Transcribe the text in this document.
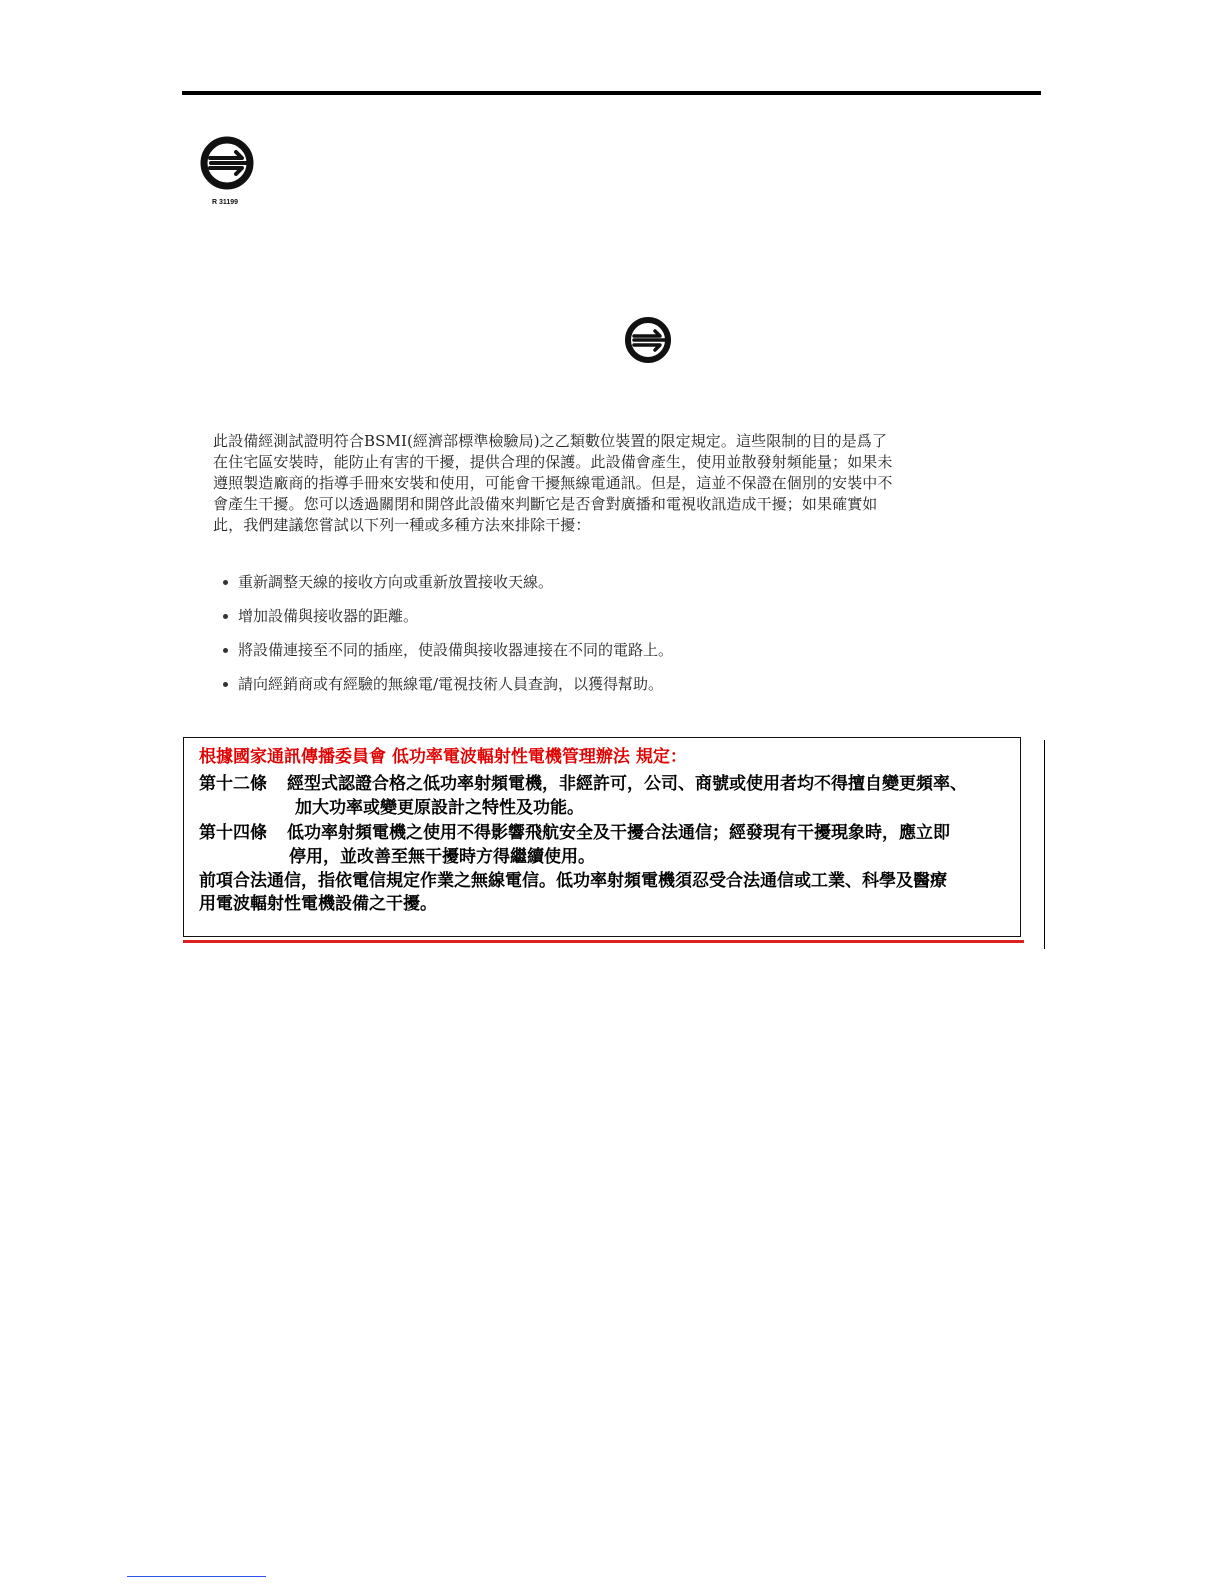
R 31199
此設備經測試證明符合BSMI(經濟部標準檢驗局)之乙類數位裝置的限定規定。這些限制的目的是爲了在住宅區安裝時，能防止有害的干擾，提供合理的保護。此設備會產生，使用並散發射頻能量；如果未遵照製造廠商的指導手冊來安裝和使用，可能會干擾無線電通訊。但是，這並不保證在個別的安裝中不會產生干擾。您可以透過關閉和開啓此設備來判斷它是否會對廣播和電視收訊造成干擾；如果確實如此，我們建議您嘗試以下列一種或多種方法來排除干擾：
重新調整天線的接收方向或重新放置接收天線。
增加設備與接收器的距離。
將設備連接至不同的插座，使設備與接收器連接在不同的電路上。
請向經銷商或有經驗的無線電/電視技術人員查詢，以獲得幫助。
根據國家通訊傳播委員會 低功率電波輻射性電機管理辦法 規定：
第十二條 經型式認證合格之低功率射頻電機，非經許可，公司、商號或使用者均不得擅自變更頻率、
加大功率或變更原設計之特性及功能。
第十四條 低功率射頻電機之使用不得影響飛航安全及干擾合法通信；經發現有干擾現象時，應立即
停用，並改善至無干擾時方得繼續使用。
前項合法通信，指依電信規定作業之無線電信。低功率射頻電機須忍受合法通信或工業、科學及醫療
用電波輻射性電機設備之干擾。
